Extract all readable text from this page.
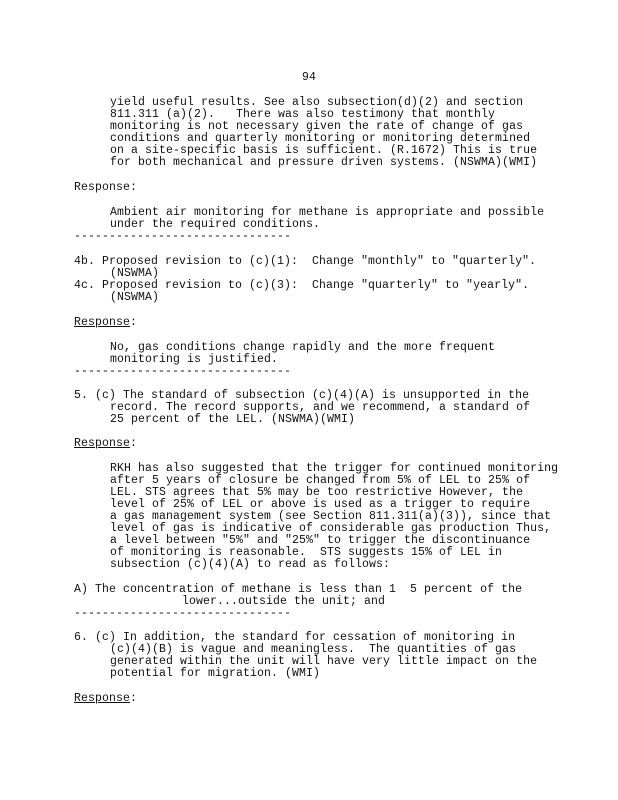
94
yield useful results. See also subsection(d)(2) and section
811.311 (a)(2).   There was also testimony that monthly
monitoring is not necessary given the rate of change of gas
conditions and quarterly monitoring or monitoring determined
on a site-specific basis is sufficient. (R.1672) This is true
for both mechanical and pressure driven systems. (NSWMA)(WMI)
Response:
Ambient air monitoring for methane is appropriate and possible
under the required conditions.
-------------------------------
4b. Proposed revision to (c)(1):  Change "monthly" to "quarterly".
(NSWMA)
4c. Proposed revision to (c)(3):  Change "quarterly" to "yearly".
(NSWMA)
Response:
No, gas conditions change rapidly and the more frequent
monitoring is justified.
-------------------------------
5. (c) The standard of subsection (c)(4)(A) is unsupported in the
record. The record supports, and we recommend, a standard of
25 percent of the LEL. (NSWMA)(WMI)
Response:
RKH has also suggested that the trigger for continued monitoring
after 5 years of closure be changed from 5% of LEL to 25% of
LEL. STS agrees that 5% may be too restrictive However, the
level of 25% of LEL or above is used as a trigger to require
a gas management system (see Section 811.311(a)(3)), since that
level of gas is indicative of considerable gas production Thus,
a level between "5%" and "25%" to trigger the discontinuance
of monitoring is reasonable.  STS suggests 15% of LEL in
subsection (c)(4)(A) to read as follows:
A) The concentration of methane is less than 1  5 percent of the
lower...outside the unit; and
-------------------------------
6. (c) In addition, the standard for cessation of monitoring in
(c)(4)(B) is vague and meaningless.  The quantities of gas
generated within the unit will have very little impact on the
potential for migration. (WMI)
Response:
